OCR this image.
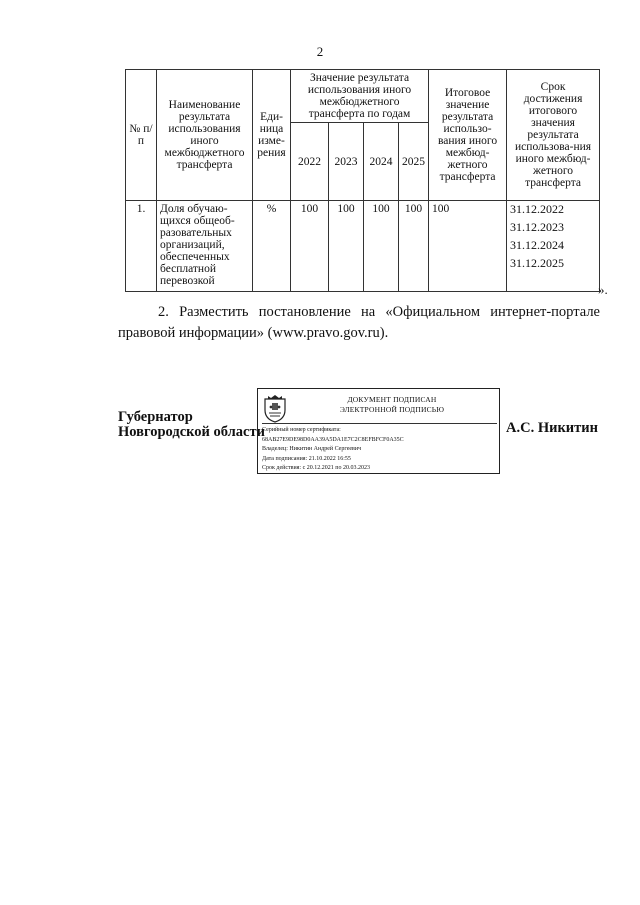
2
№ п/п	Наименование результата использования иного межбюджетного трансферта	Еди-ница изме-рения	Значение результата использования иного межбюджетного трансферта по годам				Итоговое значение результата использо-вания иного межбюд-жетного трансферта	Срок достижения итогового значения результата использова-ния иного межбюд-жетного трансферта
			2022	2023	2024	2025		
1.	Доля обучаю-щихся общеоб-разовательных организаций, обеспеченных бесплатной перевозкой	%	100	100	100	100	100	31.12.2022
31.12.2023
31.12.2024
31.12.2025
».
2. Разместить постановление на «Официальном интернет-портале правовой информации» (www.pravo.gov.ru).
Губернатор
Новгородской области
ДОКУМЕНТ ПОДПИСАН
ЭЛЕКТРОННОЙ ПОДПИСЬЮ
Серийный номер сертификата:
68AB27E9DE98D0AA39A5DA1E7C2C8EFBFCF0A35C
Владелец: Никитин Андрей Сергеевич
Дата подписания: 21.10.2022 16:55
Срок действия: с 20.12.2021 по 20.03.2023
А.С. Никитин
